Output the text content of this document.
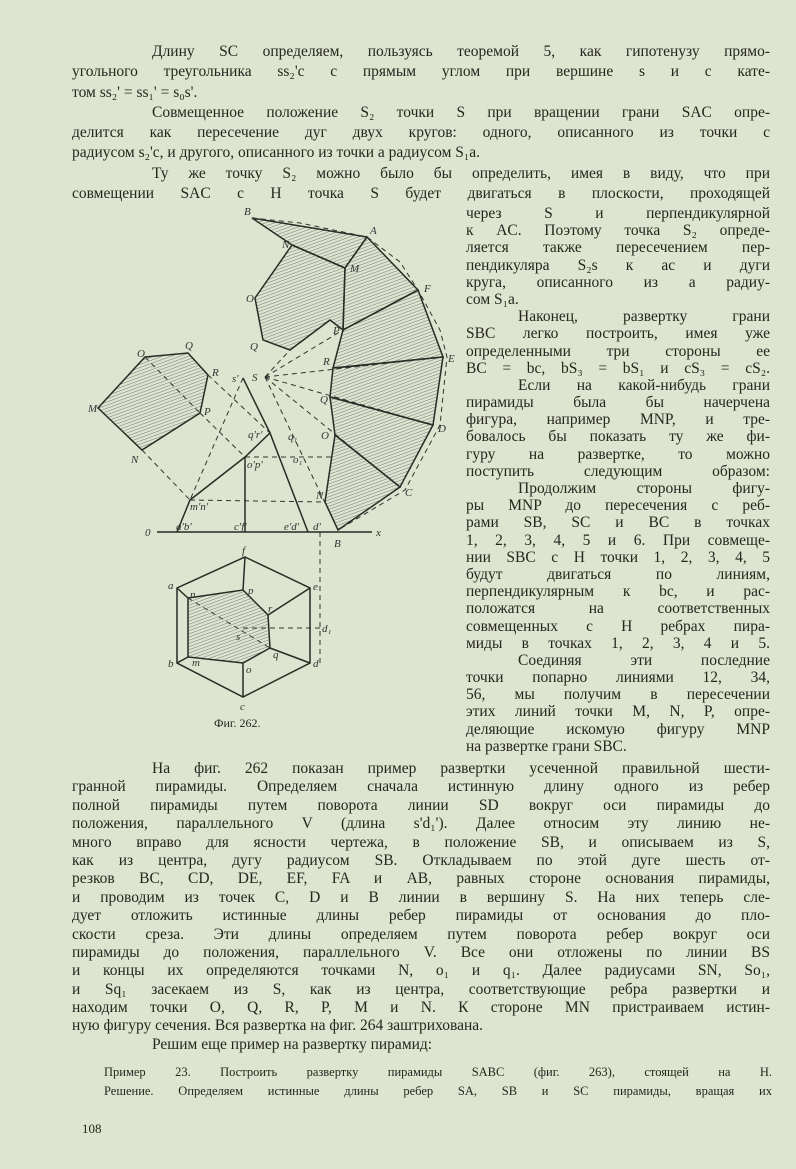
Длину SC определяем, пользуясь теоремой 5, как гипотенузу прямо-
угольного треугольника ss₂'c с прямым углом при вершине s и с кате-
том ss₂' = ss₁' = s₀s'.
Совмещенное положение S₂ точки S при вращении грани SAC опре-
делится как пересечение дуг двух кругов: одного, описанного из точки c
радиусом s₂'c, и другого, описанного из точки a радиусом S₁a.
Ту же точку S₂ можно было бы определить, имея в виду, что при
совмещении SAC с H точка S будет двигаться в плоскости, проходящей
через S и перпендикулярной
к AC. Поэтому точка S₂ опреде-
ляется также пересечением пер-
пендикуляра S₂s к ac и дуги
круга, описанного из a радиу-
сом S₁a.
Наконец, развертку грани
SBC легко построить, имея уже
определенными три стороны ее
BC = bc, bS₃ = bS₁ и cS₃ = cS₂.
Если на какой-нибудь грани
пирамиды была бы начерчена
фигура, например MNP, и тре-
бовалось бы показать ту же фи-
гуру на развертке, то можно
поступить следующим образом:
Продолжим стороны фигу-
ры MNP до пересечения с реб-
рами SB, SC и BC в точках
1, 2, 3, 4, 5 и 6. При совмеще-
нии SBC с H точки 1, 2, 3, 4, 5
будут двигаться по линиям,
перпендикулярным к bc, и рас-
положатся на соответственных
совмещенных с H ребрах пира-
миды в точках 1, 2, 3, 4 и 5.
Соединяя эти последние
точки попарно линиями 12, 34,
56, мы получим в пересечении
этих линий точки M, N, P, опре-
деляющие искомую фигуру MNP
на развертке грани SBC.
На фиг. 262 показан пример развертки усеченной правильной шести-
гранной пирамиды. Определяем сначала истинную длину одного из ребер
полной пирамиды путем поворота линии SD вокруг оси пирамиды до
положения, параллельного V (длина s'd₁'). Далее относим эту линию не-
много вправо для ясности чертежа, в положение SB, и описываем из S,
как из центра, дугу радиусом SB. Откладываем по этой дуге шесть от-
резков BC, CD, DE, EF, FA и AB, равных стороне основания пирамиды,
и проводим из точек C, D и B линии в вершину S. На них теперь сле-
дует отложить истинные длины ребер пирамиды от основания до пло-
скости среза. Эти длины определяем путем поворота ребер вокруг оси
пирамиды до положения, параллельного V. Все они отложены по линии BS
и концы их определяются точками N, o₁ и q₁. Далее радиусами SN, So₁,
и Sq₁ засекаем из S, как из центра, соответствующие ребра развертки и
находим точки O, Q, R, P, M и N. К стороне MN пристраиваем истин-
ную фигуру сечения. Вся развертка на фиг. 264 заштрихована.
Решим еще пример на развертку пирамид:
Пример 23. Построить развертку пирамиды SABC (фиг. 263), стоящей на H.
Решение. Определяем истинные длины ребер SA, SB и SC пирамиды, вращая их
108
B
A
F
E
D
C
B
M
P
R
Q
O
N
N
O
Q
S
s'
O
Q
R
P
N
M
0	x
a'b'	c'f'	e'd' d'
m'n'
o'p'
q'r' q₁
o₁
f
a	e
d₁
b	d
c
n	p
r
q
o
m
s
Фиг. 262.
